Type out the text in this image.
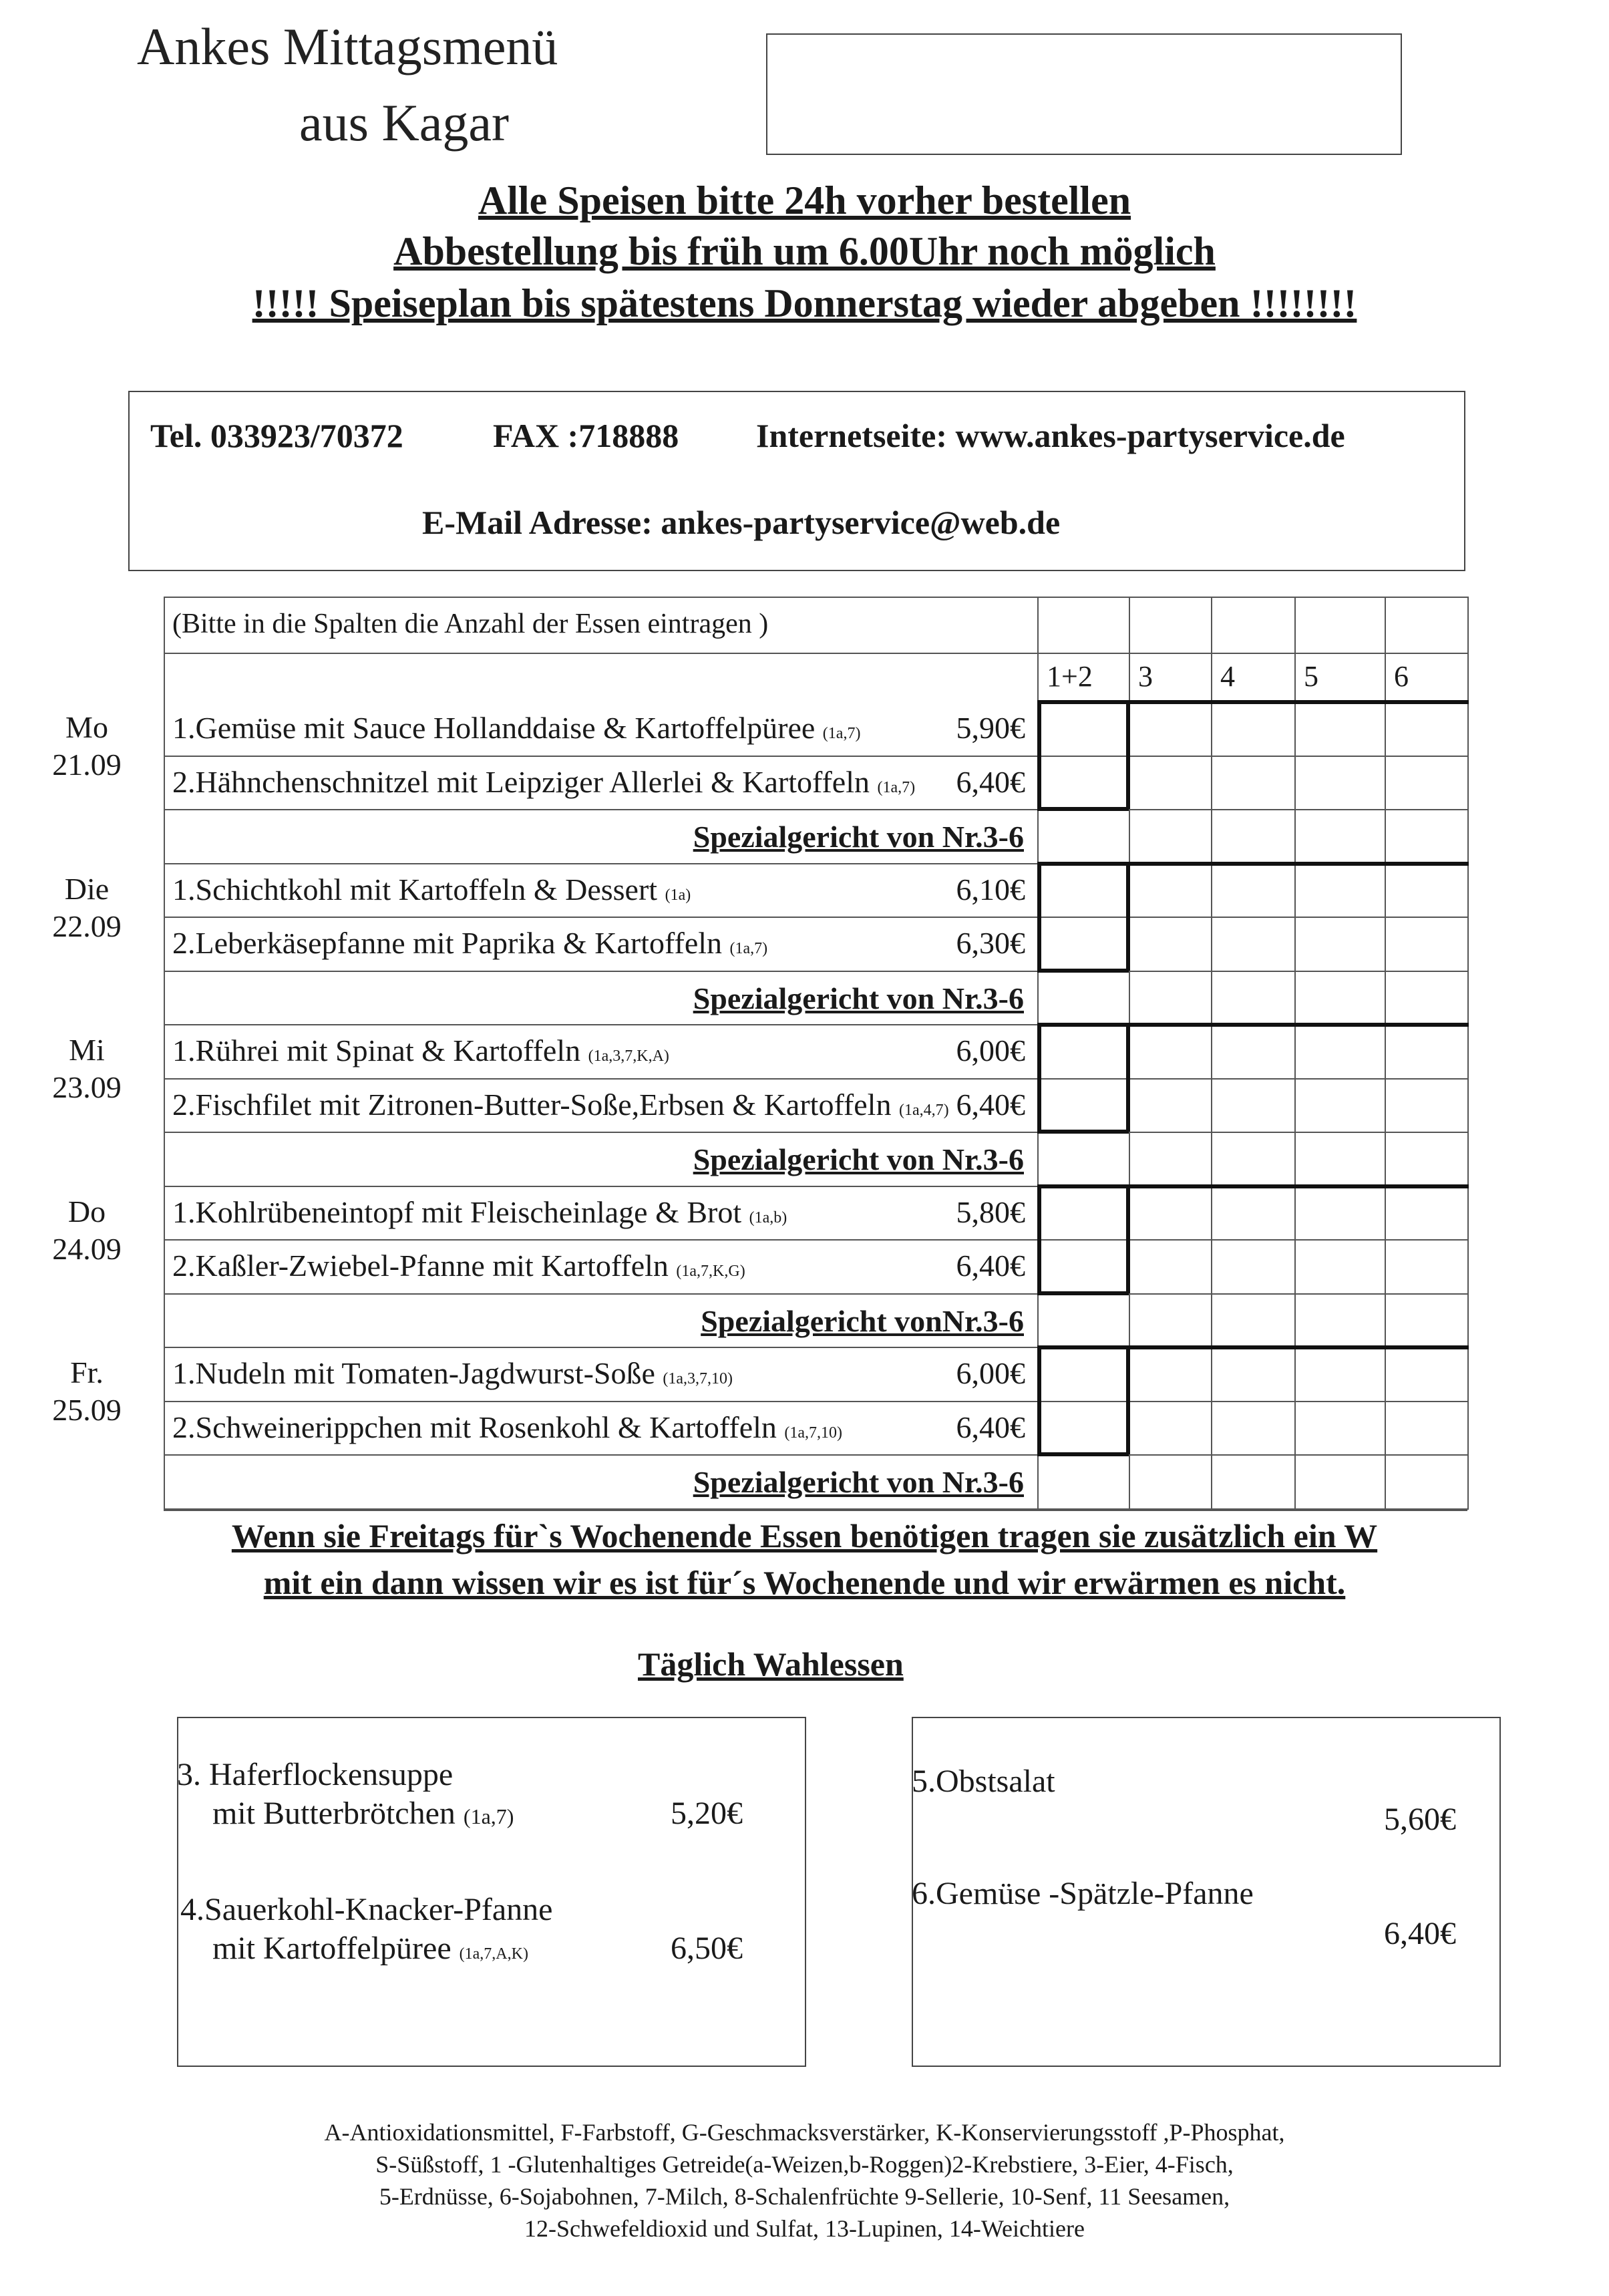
Ankes Mittagsmenü
aus Kagar
Alle Speisen bitte 24h vorher bestellen
Abbestellung bis früh um 6.00Uhr noch möglich
!!!!! Speiseplan bis spätestens Donnerstag wieder abgeben !!!!!!!!
Tel. 033923/70372	FAX :718888 Internetseite: www.ankes-partyservice.de
E-Mail Adresse: ankes-partyservice@web.de
(Bitte in die Spalten die Anzahl der Essen eintragen )
1+2 3 4 5	6
Mo
21.09
1.Gemüse mit Sauce Hollanddaise & Kartoffelpüree (1a,7)	5,90€
2.Hähnchenschnitzel mit Leipziger Allerlei & Kartoffeln (1a,7)	6,40€
Spezialgericht von Nr.3-6
Die
22.09
1.Schichtkohl mit Kartoffeln & Dessert (1a)	6,10€
2.Leberkäsepfanne mit Paprika & Kartoffeln (1a,7)	6,30€
Spezialgericht von Nr.3-6
Mi
23.09
1.Rührei mit Spinat & Kartoffeln (1a,3,7,K,A)	6,00€
2.Fischfilet mit Zitronen-Butter-Soße,Erbsen & Kartoffeln (1a,4,7) 6,40€
Spezialgericht von Nr.3-6
Do
24.09
1.Kohlrübeneintopf mit Fleischeinlage & Brot (1a,b)	5,80€
2.Kaßler-Zwiebel-Pfanne mit Kartoffeln (1a,7,K,G)	6,40€
Spezialgericht vonNr.3-6
Fr.
25.09
1.Nudeln mit Tomaten-Jagdwurst-Soße (1a,3,7,10)	6,00€
2.Schweinerippchen mit Rosenkohl & Kartoffeln (1a,7,10)	6,40€
Spezialgericht von Nr.3-6
Wenn sie Freitags für`s Wochenende Essen benötigen tragen sie zusätzlich ein W
mit ein dann wissen wir es ist für´s Wochenende und wir erwärmen es nicht.
Täglich Wahlessen
3. Haferflockensuppe
mit Butterbrötchen (1a,7)	5,20€
4.Sauerkohl-Knacker-Pfanne
mit Kartoffelpüree (1a,7,A,K)	6,50€
5.Obstsalat
5,60€
6.Gemüse -Spätzle-Pfanne
6,40€
A-Antioxidationsmittel, F-Farbstoff, G-Geschmacksverstärker, K-Konservierungsstoff ,P-Phosphat,
S-Süßstoff, 1 -Glutenhaltiges Getreide(a-Weizen,b-Roggen)2-Krebstiere, 3-Eier, 4-Fisch,
5-Erdnüsse, 6-Sojabohnen, 7-Milch, 8-Schalenfrüchte 9-Sellerie, 10-Senf, 11 Seesamen,
12-Schwefeldioxid und Sulfat, 13-Lupinen, 14-Weichtiere
